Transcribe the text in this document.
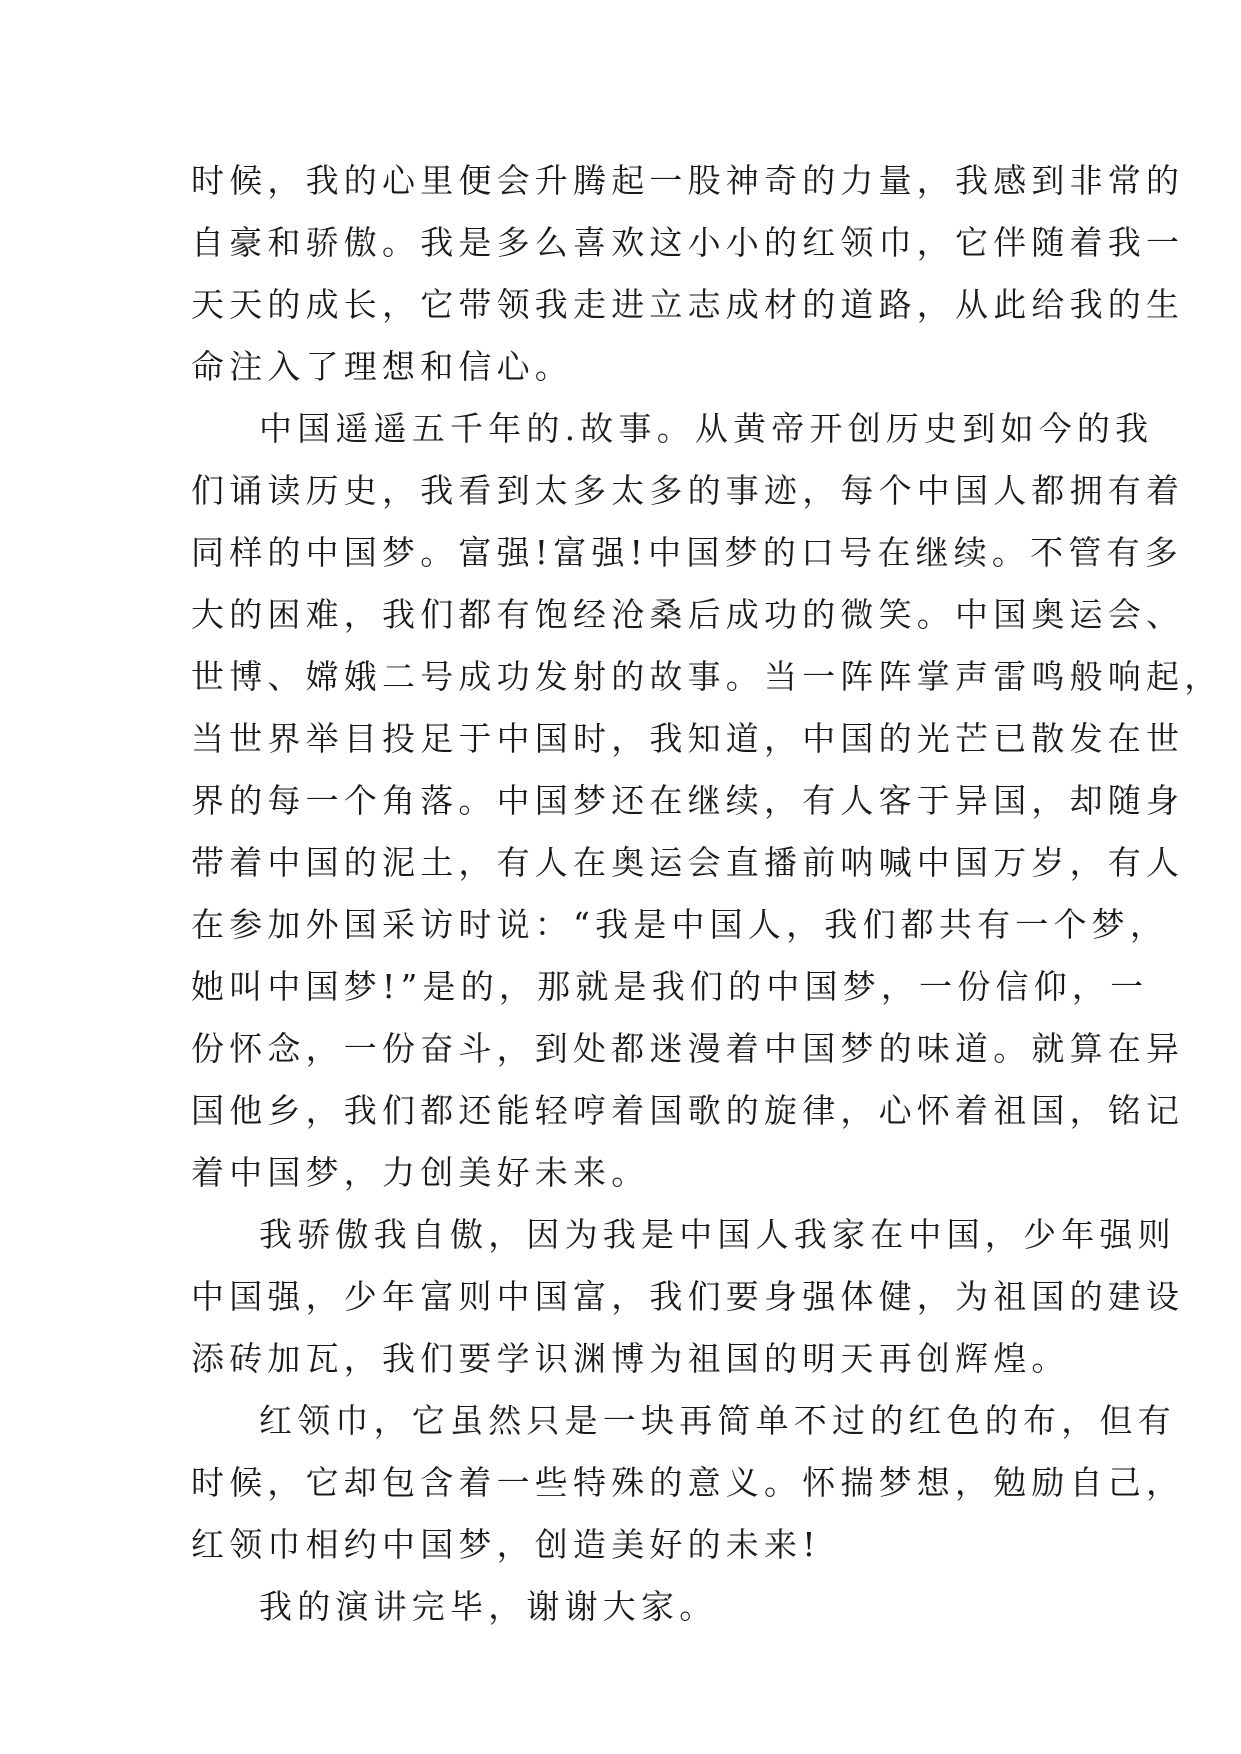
时候，我的心里便会升腾起一股神奇的力量，我感到非常的
自豪和骄傲。我是多么喜欢这小小的红领巾，它伴随着我一
天天的成长，它带领我走进立志成材的道路，从此给我的生
命注入了理想和信心。
中国遥遥五千年的.故事。从黄帝开创历史到如今的我
们诵读历史，我看到太多太多的事迹，每个中国人都拥有着
同样的中国梦。富强!富强!中国梦的口号在继续。不管有多
大的困难，我们都有饱经沧桑后成功的微笑。中国奥运会、
世博、嫦娥二号成功发射的故事。当一阵阵掌声雷鸣般响起，
当世界举目投足于中国时，我知道，中国的光芒已散发在世
界的每一个角落。中国梦还在继续，有人客于异国，却随身
带着中国的泥土，有人在奥运会直播前呐喊中国万岁，有人
在参加外国采访时说：“我是中国人，我们都共有一个梦，
她叫中国梦!”是的，那就是我们的中国梦，一份信仰，一
份怀念，一份奋斗，到处都迷漫着中国梦的味道。就算在异
国他乡，我们都还能轻哼着国歌的旋律，心怀着祖国，铭记
着中国梦，力创美好未来。
我骄傲我自傲，因为我是中国人我家在中国，少年强则
中国强，少年富则中国富，我们要身强体健，为祖国的建设
添砖加瓦，我们要学识渊博为祖国的明天再创辉煌。
红领巾，它虽然只是一块再简单不过的红色的布，但有
时候，它却包含着一些特殊的意义。怀揣梦想，勉励自己，
红领巾相约中国梦，创造美好的未来!
我的演讲完毕，谢谢大家。
